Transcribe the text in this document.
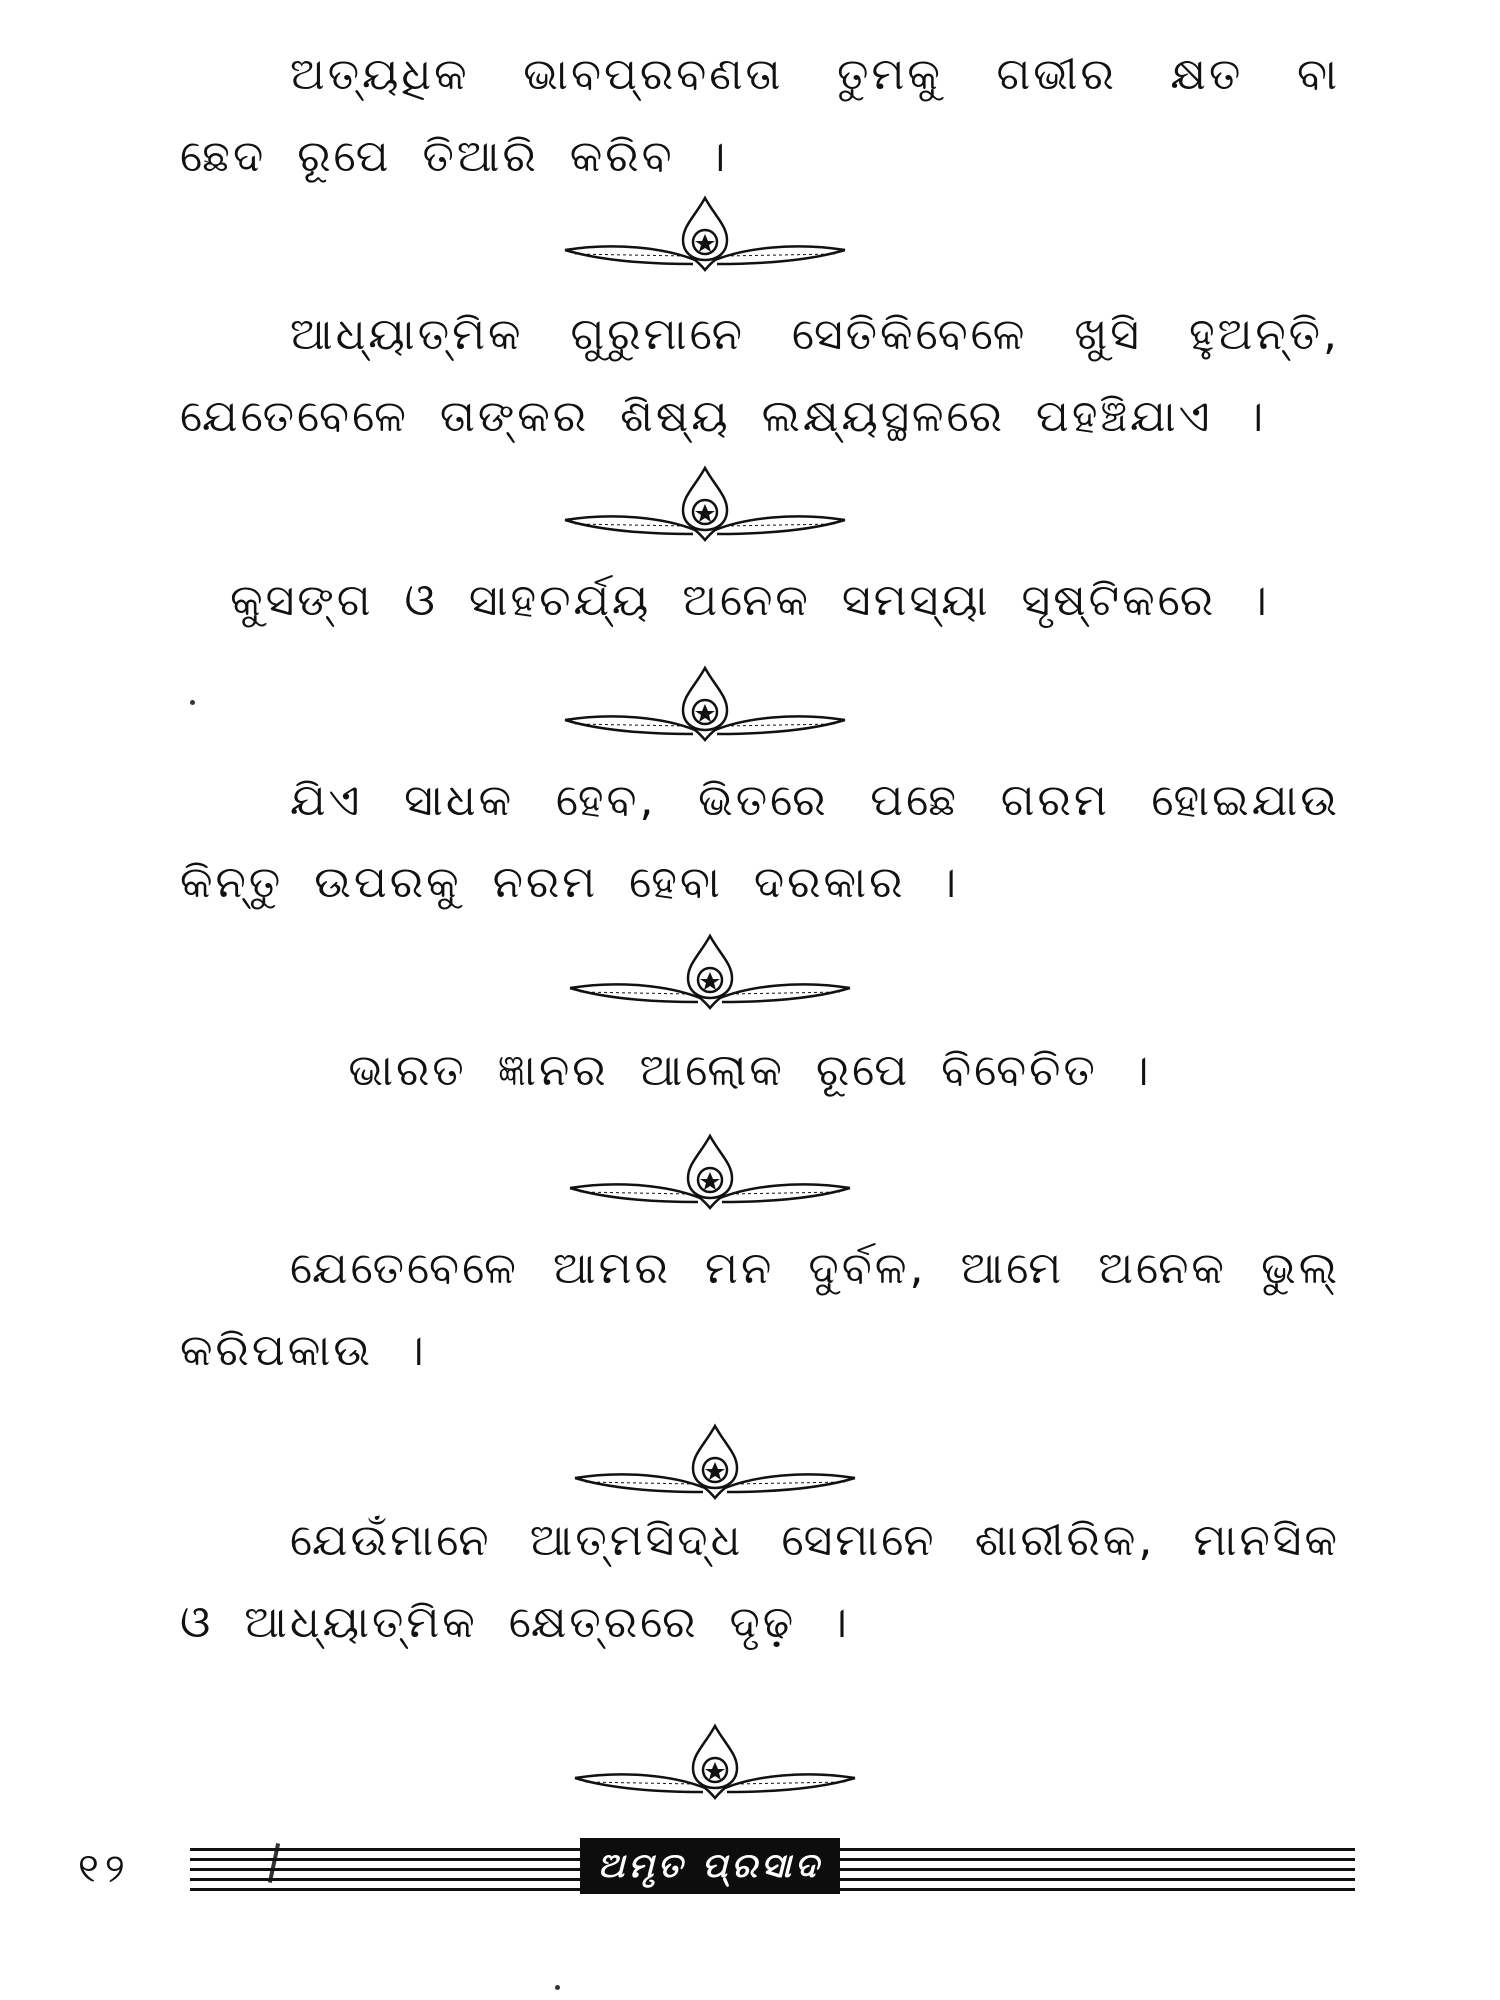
ଅତ୍ୟଧିକ ଭାବପ୍ରବଣତା ତୁମକୁ ଗଭୀର କ୍ଷତ ବା ଛେଦ ରୂପେ ତିଆରି କରିବ ।

ଆଧ୍ୟାତ୍ମିକ ଗୁରୁମାନେ ସେତିକିବେଳେ ଖୁସି ହୁଅନ୍ତି, ଯେତେବେଳେ ତାଙ୍କର ଶିଷ୍ୟ ଲକ୍ଷ୍ୟସ୍ଥଳରେ ପହଞ୍ଚିଯାଏ ।

କୁସଙ୍ଗ ଓ ସାହଚର୍ଯ୍ୟ ଅନେକ ସମସ୍ୟା ସୃଷ୍ଟିକରେ ।

ଯିଏ ସାଧକ ହେବ, ଭିତରେ ପଛେ ଗରମ ହୋଇଯାଉ କିନ୍ତୁ ଉପରକୁ ନରମ ହେବା ଦରକାର ।

ଭାରତ ଜ୍ଞାନର ଆଲୋକ ରୂପେ ବିବେଚିତ ।

ଯେତେବେଳେ ଆମର ମନ ଦୁର୍ବଳ, ଆମେ ଅନେକ ଭୁଲ୍ କରିପକାଉ ।

ଯେଉଁମାନେ ଆତ୍ମସିଦ୍ଧ ସେମାନେ ଶାରୀରିକ, ମାନସିକ ଓ ଆଧ୍ୟାତ୍ମିକ କ୍ଷେତ୍ରରେ ଦୃଢ଼ ।

୧୨	ଅମୃତ ପ୍ରସାଦ
